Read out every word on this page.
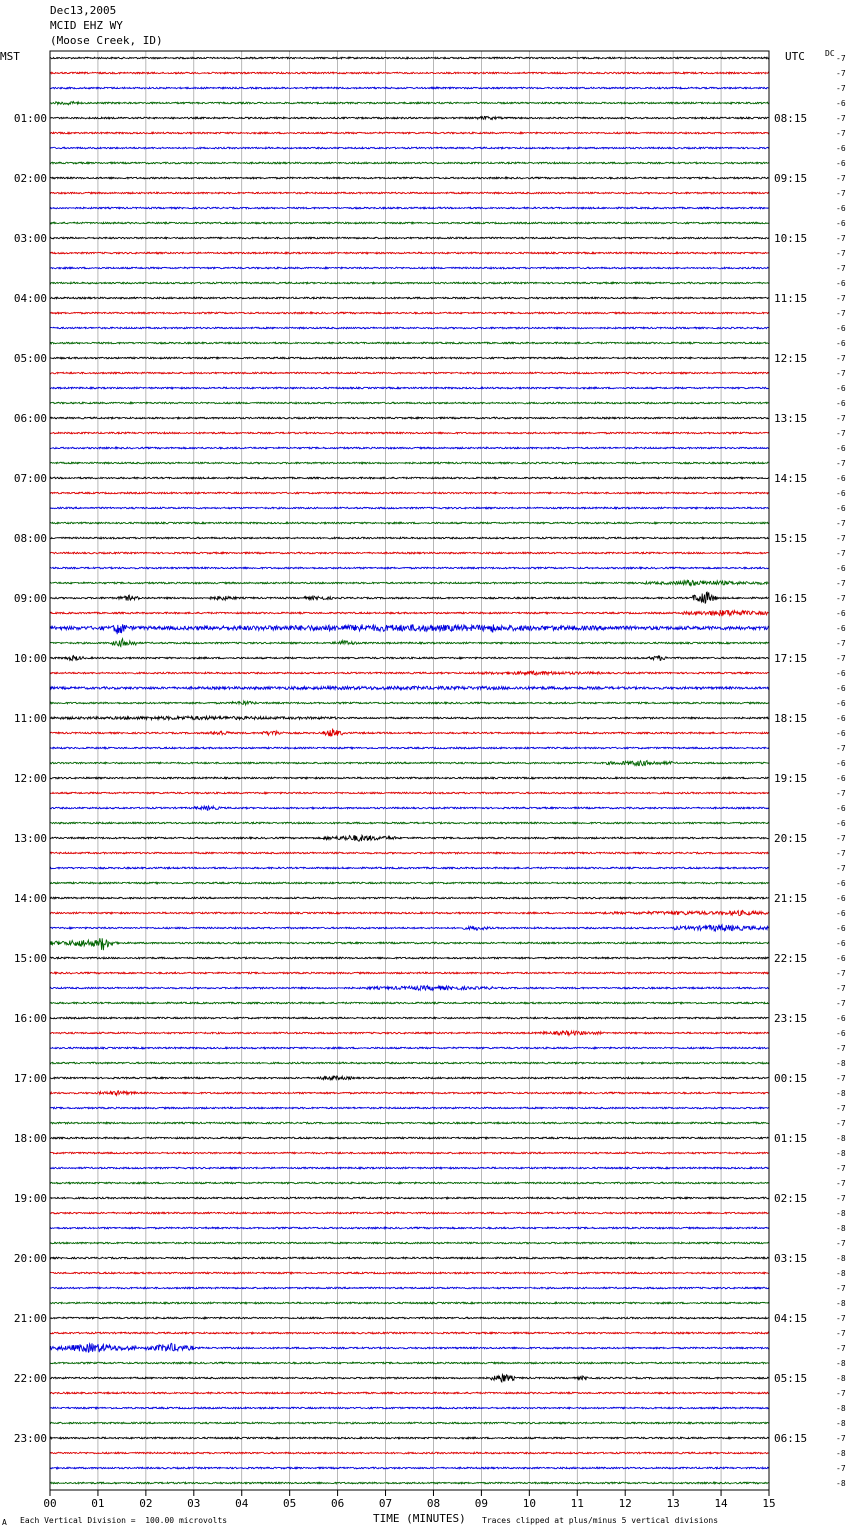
Dec13,2005
MCID EHZ WY
(Moose Creek, ID)
MST	UTC	DC
00	01	02	03	04	05	06	07	08	09	10	11	12	13	14	15
-7
-7
-7
-6
-7
-7
-6
-6
-7
-7
-6
-6
-7
-7
-7
-6
-7
-7
-6
-6
-7
-7
-6
-6
-7
-7
-6
-7
-6
-6
-6
-7
-7
-7
-6
-7
-7
-6
-6
-7
-7
-6
-6
-6
-6
-6
-7
-6
-6
-7
-6
-6
-7
-7
-7
-6
-6
-6
-6
-6
-6
-7
-7
-7
-6
-6
-7
-8
-7
-8
-7
-7
-8
-8
-7
-7
-7
-8
-8
-7
-8
-8
-7
-8
-7
-7
-7
-8
-8
-7
-8
-8
-7
-8
-7
-8
01:00
02:00
03:00
04:00
05:00
06:00
07:00
08:00
09:00
10:00
11:00
12:00
13:00
14:00
15:00
16:00
17:00
18:00
19:00
20:00
21:00
22:00
23:00
08:15
09:15
10:15
11:15
12:15
13:15
14:15
15:15
16:15
17:15
18:15
19:15
20:15
21:15
22:15
23:15
00:15
01:15
02:15
03:15
04:15
05:15
06:15
A Each Vertical Division =  100.00 microvolts	TIME (MINUTES) Traces clipped at plus/minus 5 vertical divisions
